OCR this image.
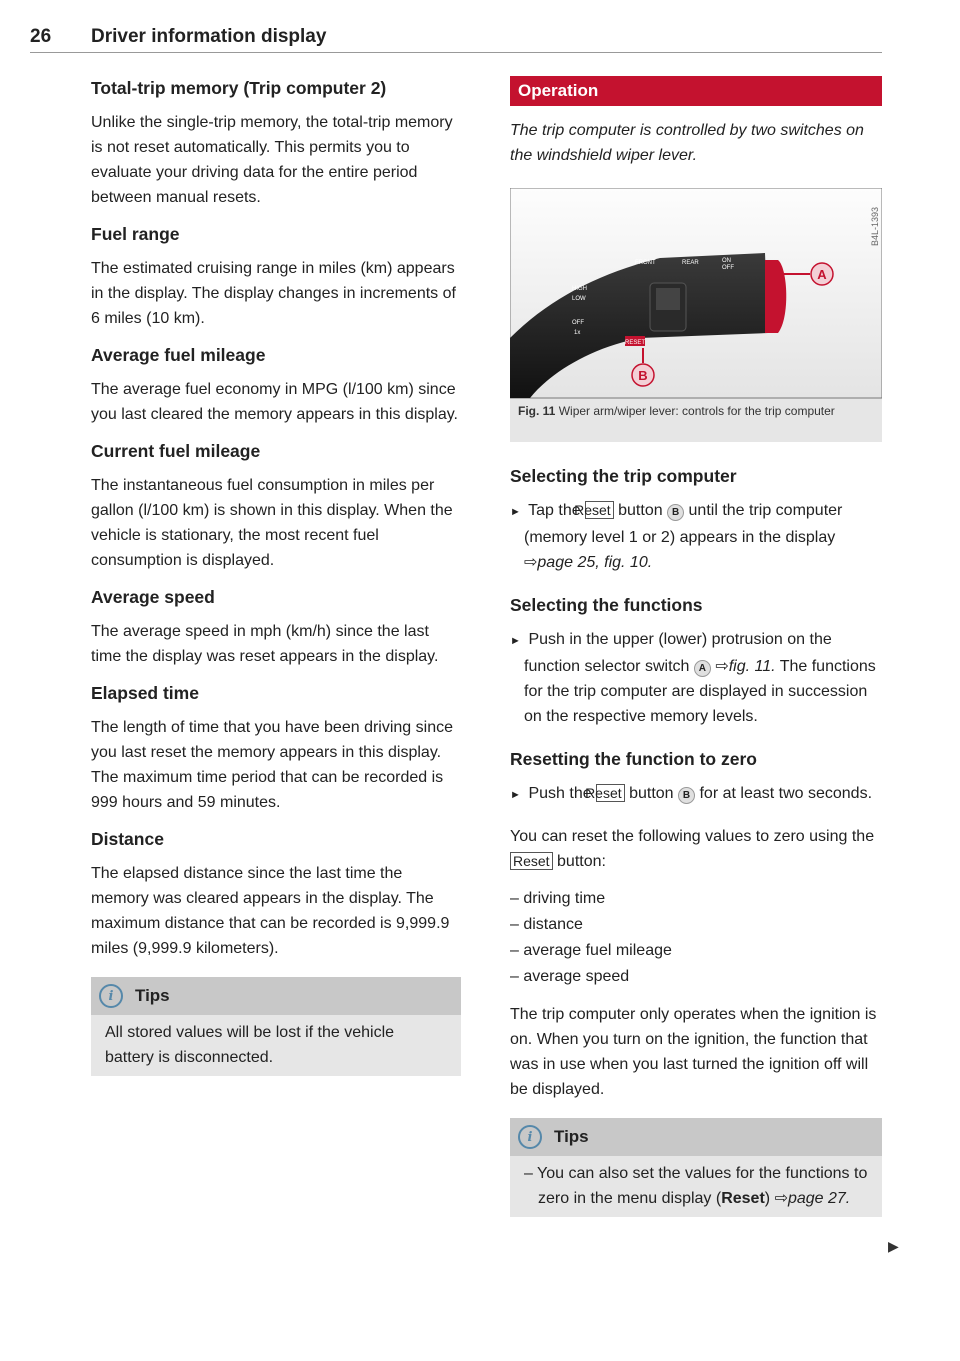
26 Driver information display
Total-trip memory (Trip computer 2)

Unlike the single-trip memory, the total-trip memory is not reset automatically. This permits you to evaluate your driving data for the entire period between manual resets.

Fuel range

The estimated cruising range in miles (km) appears in the display. The display changes in increments of 6 miles (10 km).

Average fuel mileage

The average fuel economy in MPG (l/100 km) since you last cleared the memory appears in this display.

Current fuel mileage

The instantaneous fuel consumption in miles per gallon (l/100 km) is shown in this display. When the vehicle is stationary, the most recent fuel consumption is displayed.

Average speed

The average speed in mph (km/h) since the last time the display was reset appears in the display.

Elapsed time

The length of time that you have been driving since you last reset the memory appears in this display. The maximum time period that can be recorded is 999 hours and 59 minutes.

Distance

The elapsed distance since the last time the memory was cleared appears in the display. The maximum distance that can be recorded is 9,999.9 miles (9,999.9 kilometers).

i	Tips
All stored values will be lost if the vehicle battery is disconnected.
Operation
The trip computer is controlled by two switches on the windshield wiper lever.
FRONT	REAR	ON
OFF
HIGH
LOW
OFF
1x
RESET
A
B
B4L-1393
Fig. 11 Wiper arm/wiper lever: controls for the trip computer
Selecting the trip computer
► Tap the Reset button B until the trip computer (memory level 1 or 2) appears in the display ⇨page 25, fig. 10.
Selecting the functions
► Push in the upper (lower) protrusion on the function selector switch A ⇨fig. 11. The functions for the trip computer are displayed in succession on the respective memory levels.
Resetting the function to zero
► Push the Reset button B for at least two seconds.

You can reset the following values to zero using the Reset button:

– driving time
– distance
– average fuel mileage
– average speed

The trip computer only operates when the ignition is on. When you turn on the ignition, the function that was in use when you last turned the ignition off will be displayed.

i	Tips
– You can also set the values for the functions to zero in the menu display (Reset) ⇨page 27.
▶
